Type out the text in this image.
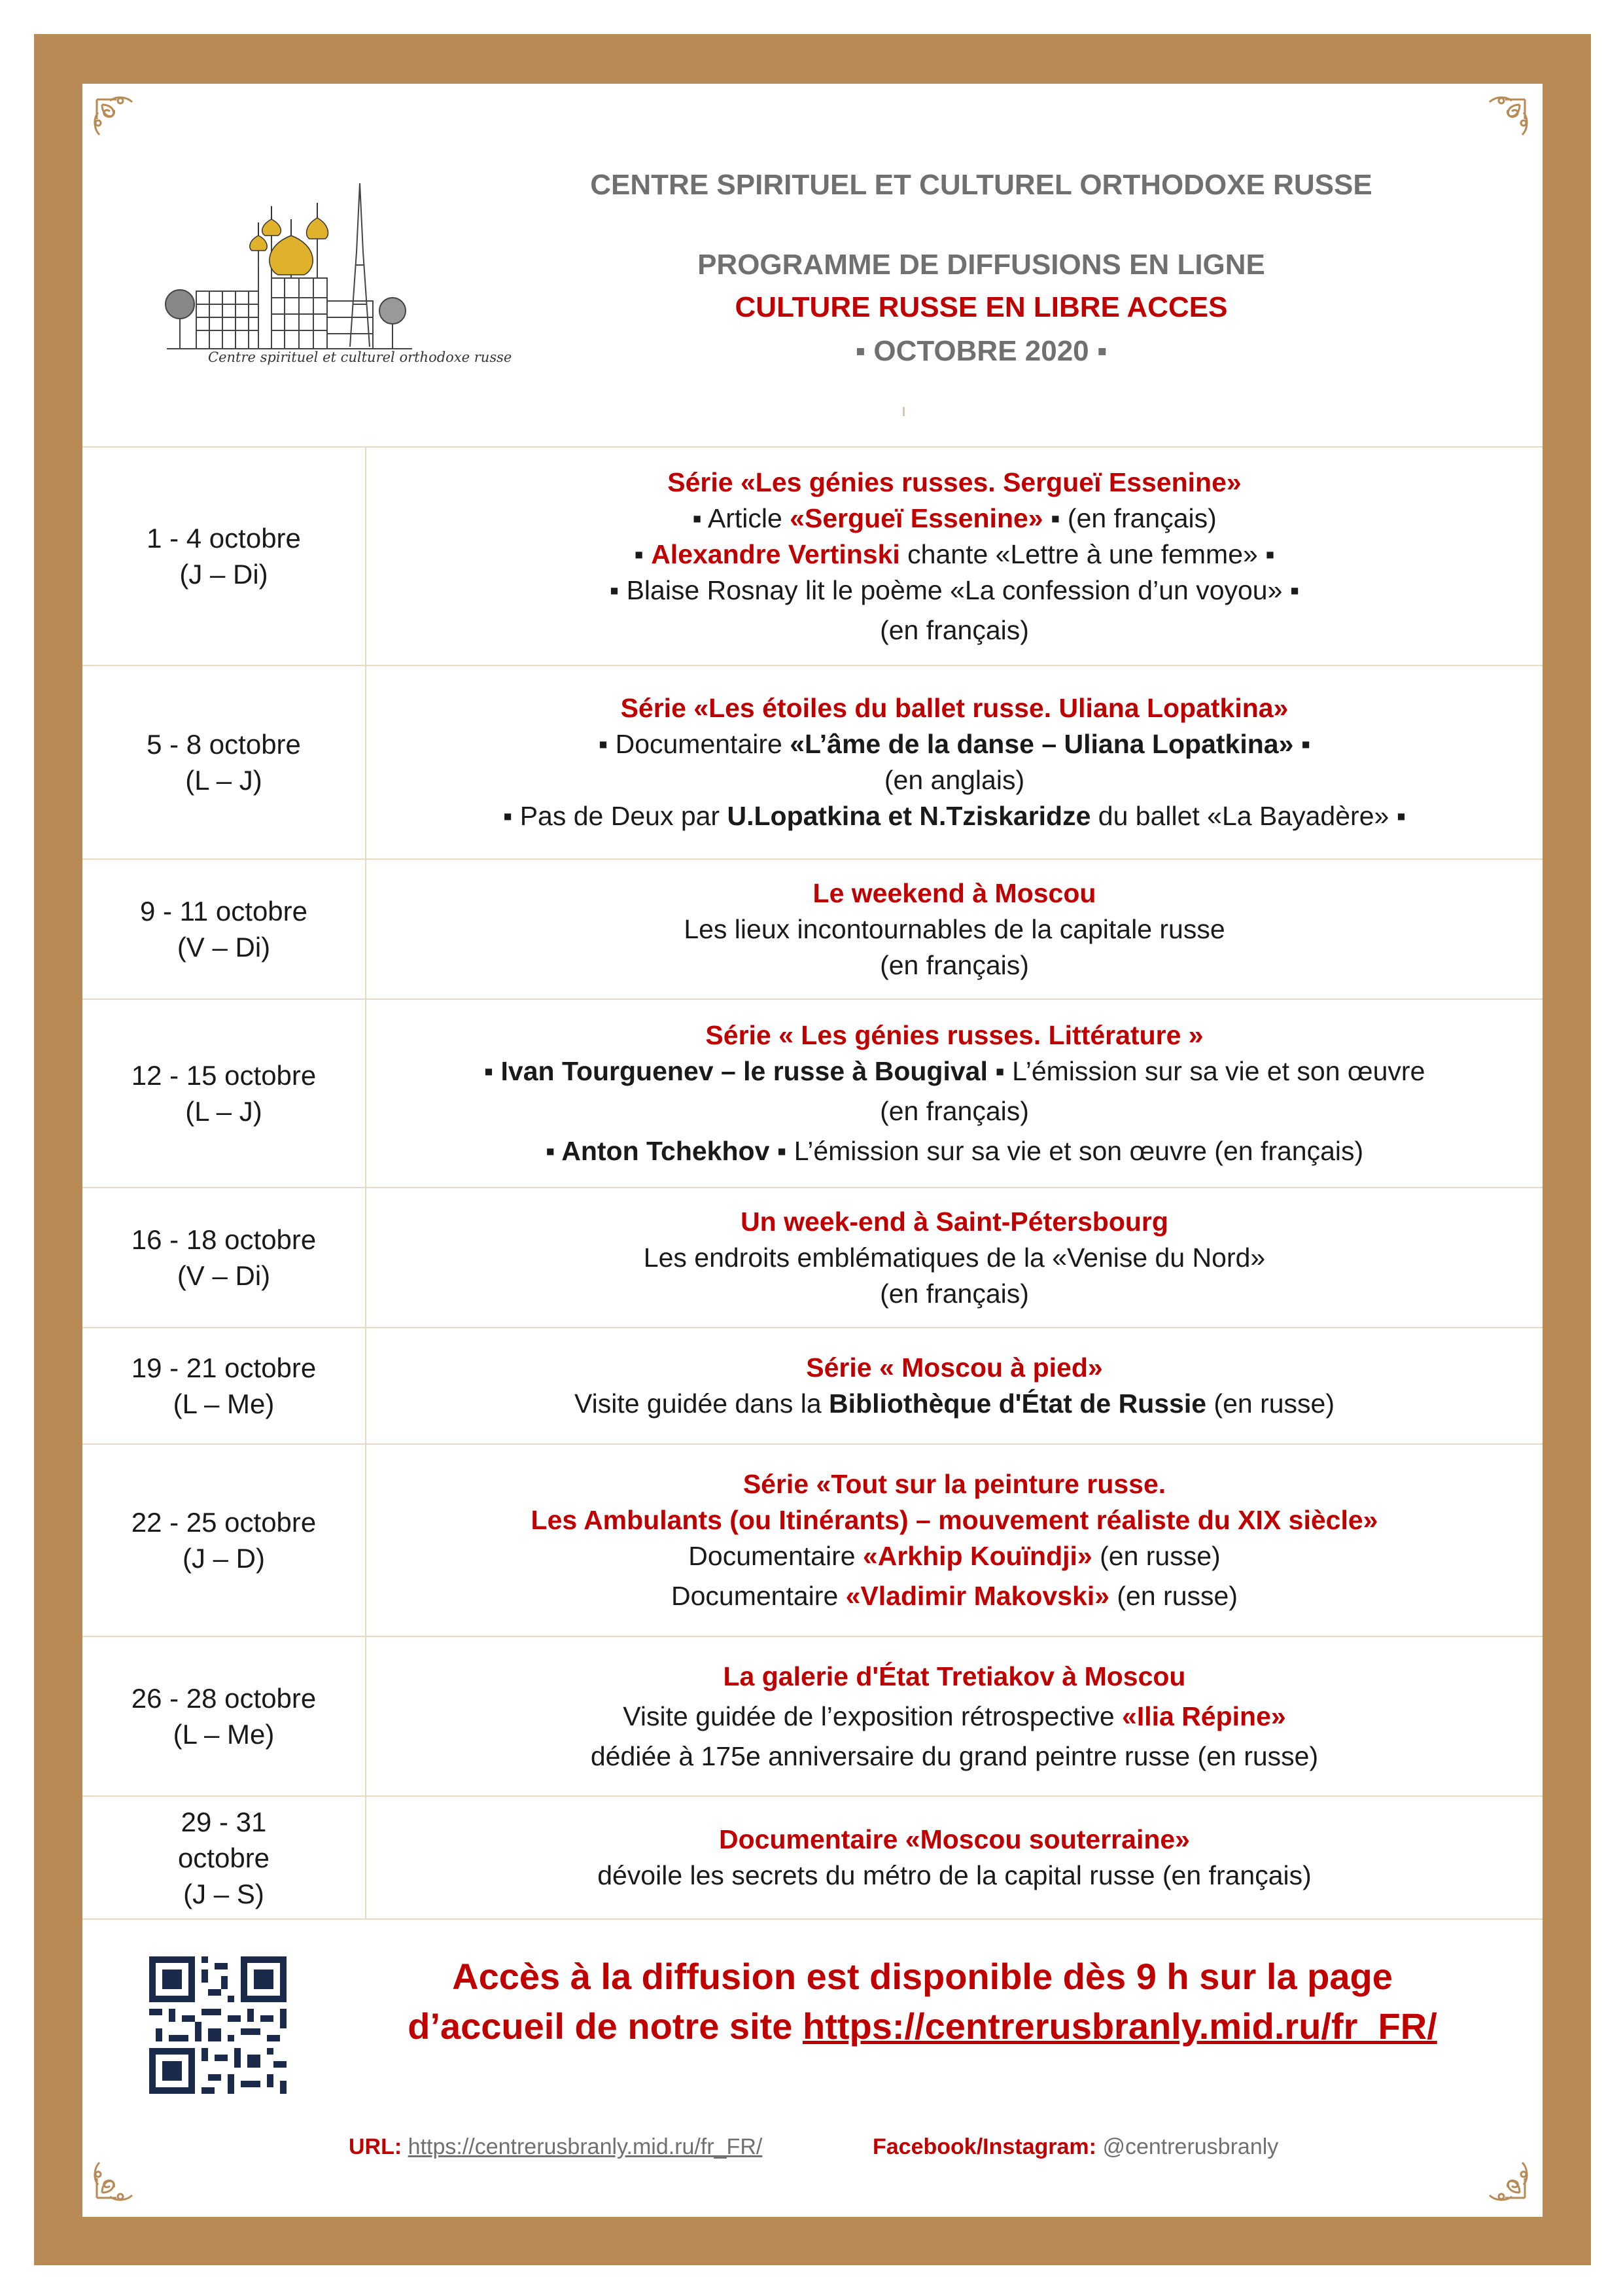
Centre spirituel et culturel orthodoxe russe
CENTRE SPIRITUEL ET CULTUREL ORTHODOXE RUSSE
PROGRAMME DE DIFFUSIONS EN LIGNE
CULTURE RUSSE EN LIBRE ACCES
▪ OCTOBRE 2020 ▪
1 - 4 octobre
(J – Di)
Série «Les génies russes. Sergueï Essenine»
▪ Article «Sergueï Essenine» ▪ (en français)
▪ Alexandre Vertinski chante «Lettre à une femme» ▪
▪ Blaise Rosnay lit le poème «La confession d’un voyou» ▪
(en français)
5 - 8 octobre
(L – J)
Série «Les étoiles du ballet russe. Uliana Lopatkina»
▪ Documentaire «L’âme de la danse – Uliana Lopatkina» ▪
(en anglais)
▪ Pas de Deux par U.Lopatkina et N.Tziskaridze du ballet «La Bayadère» ▪
9 - 11 octobre
(V – Di)
Le weekend à Moscou
Les lieux incontournables de la capitale russe
(en français)
12 - 15 octobre
(L – J)
Série « Les génies russes. Littérature »
▪ Ivan Tourguenev – le russe à Bougival ▪ L’émission sur sa vie et son œuvre
(en français)
▪ Anton Tchekhov ▪ L’émission sur sa vie et son œuvre (en français)
16 - 18 octobre
(V – Di)
Un week-end à Saint-Pétersbourg
Les endroits emblématiques de la «Venise du Nord»
(en français)
19 - 21 octobre
(L – Me)
Série « Moscou à pied»
Visite guidée dans la Bibliothèque d'État de Russie (en russe)
22 - 25 octobre
(J – D)
Série «Tout sur la peinture russe.
Les Ambulants (ou Itinérants) – mouvement réaliste du XIX siècle»
Documentaire «Arkhip Kouïndji» (en russe)
Documentaire «Vladimir Makovski» (en russe)
26 - 28 octobre
(L – Me)
La galerie d'État Tretiakov à Moscou
Visite guidée de l’exposition rétrospective «Ilia Répine»
dédiée à 175e anniversaire du grand peintre russe (en russe)
29 - 31
octobre
(J – S)
Documentaire «Moscou souterraine»
dévoile les secrets du métro de la capital russe (en français)
Accès à la diffusion est disponible dès 9 h sur la page
d’accueil de notre site https://centrerusbranly.mid.ru/fr_FR/
URL: https://centrerusbranly.mid.ru/fr_FR/	Facebook/Instagram: @centrerusbranly
